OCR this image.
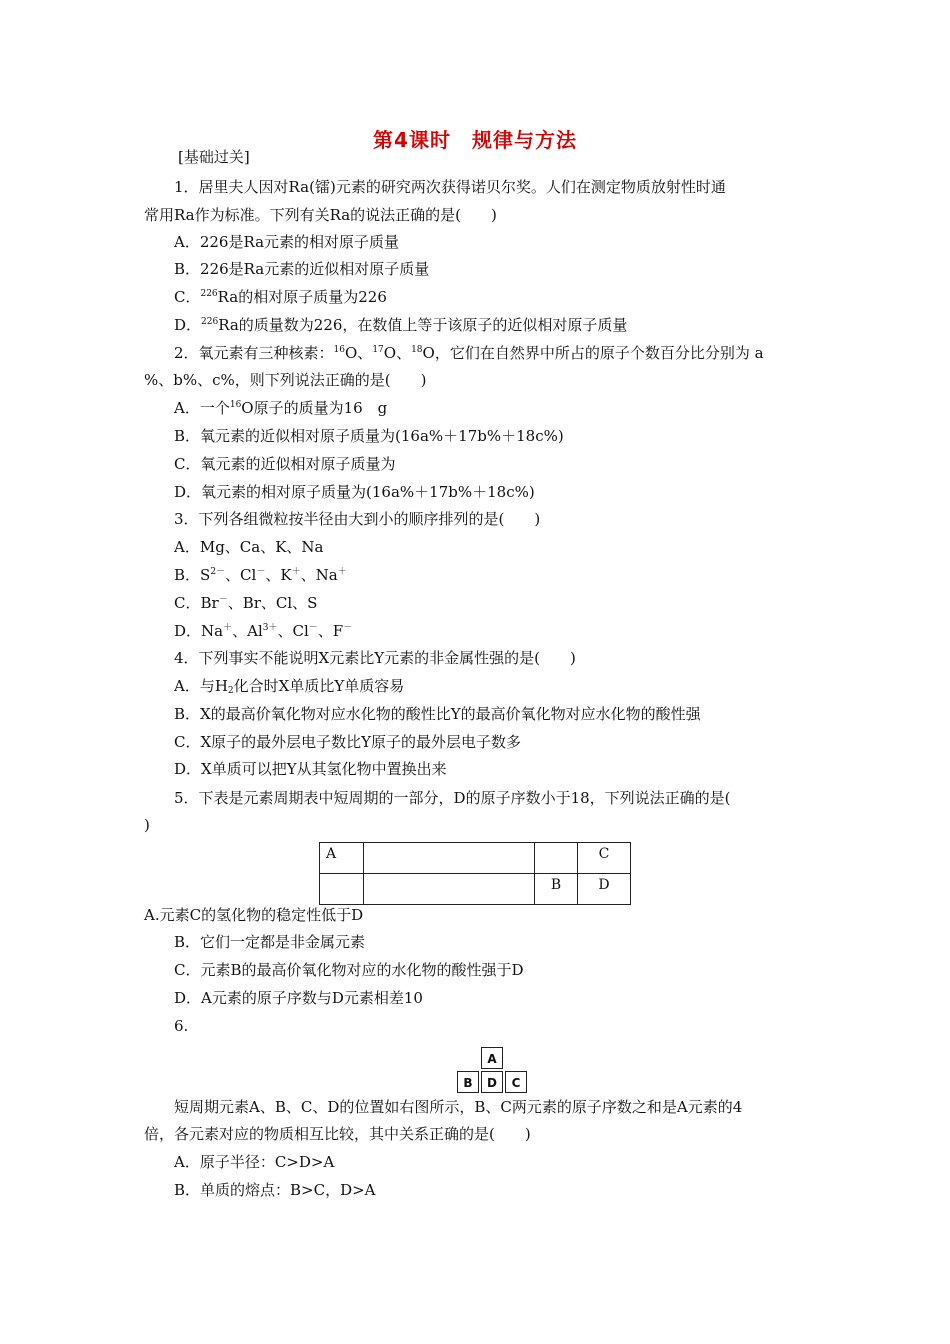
第4课时　规律与方法
[基础过关]
1．居里夫人因对Ra(镭)元素的研究两次获得诺贝尔奖。人们在测定物质放射性时通
常用Ra作为标准。下列有关Ra的说法正确的是(　　)
A．226是Ra元素的相对原子质量
B．226是Ra元素的近似相对原子质量
C．$^{226}$Ra的相对原子质量为226
D．$^{226}$Ra的质量数为226，在数值上等于该原子的近似相对原子质量
2．氧元素有三种核素：$^{16}$O、$^{17}$O、$^{18}$O，它们在自然界中所占的原子个数百分比分别为 a
%、b%、c%，则下列说法正确的是(　　)
A．一个$^{16}$O原子的质量为16　g
B．氧元素的近似相对原子质量为(16a%＋17b%＋18c%)
C．氧元素的近似相对原子质量为
D．氧元素的相对原子质量为(16a%＋17b%＋18c%)
3．下列各组微粒按半径由大到小的顺序排列的是(　　)
A．Mg、Ca、K、Na
B．$S^{2-}$、Cl－、K＋、Na＋
C．Br－、Br、Cl、S
D．Na＋、$Al^{3+}$、Cl－、F－
4．下列事实不能说明X元素比Y元素的非金属性强的是(　　)
A．与$H_2$化合时X单质比Y单质容易
B．X的最高价氧化物对应水化物的酸性比Y的最高价氧化物对应水化物的酸性强
C．X原子的最外层电子数比Y原子的最外层电子数多
D．X单质可以把Y从其氢化物中置换出来
5．下表是元素周期表中短周期的一部分，D的原子序数小于18，下列说法正确的是(
)
A			C
		B	D
A.元素C的氢化物的稳定性低于D
B．它们一定都是非金属元素
C．元素B的最高价氧化物对应的水化物的酸性强于D
D．A元素的原子序数与D元素相差10
6.
A
B	D	C
短周期元素A、B、C、D的位置如右图所示，B、C两元素的原子序数之和是A元素的4
倍，各元素对应的物质相互比较，其中关系正确的是(　　)
A．原子半径：C>D>A
B．单质的熔点：B>C，D>A
